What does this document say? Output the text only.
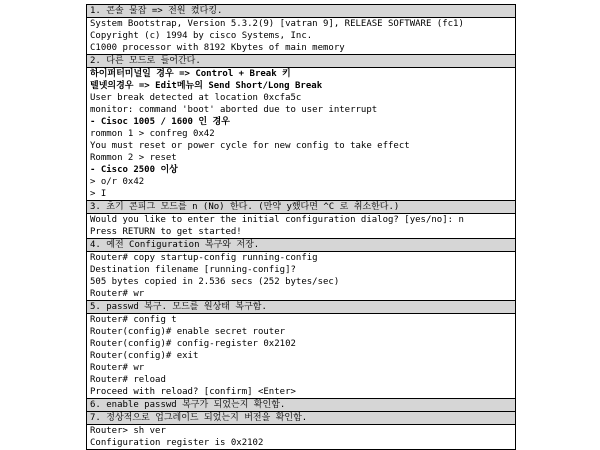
1. 콘솔 물잡 => 전원 켰다킹.
System Bootstrap, Version 5.3.2(9) [vatran 9], RELEASE SOFTWARE (fc1)
Copyright (c) 1994 by cisco Systems, Inc.
C1000 processor with 8192 Kbytes of main memory
2. 다른 모드로 들어간다.
하이퍼터미널일 경우 => Control + Break 키
텔넷의경우 => Edit메뉴의 Send Short/Long Break
User break detected at location 0xcfa5c
monitor: command 'boot' aborted due to user interrupt
- Cisoc 1005 / 1600 인 경우
rommon 1 > confreg 0x42
You must reset or power cycle for new config to take effect
Rommon 2 > reset
- Cisco 2500 이상
> o/r 0x42
> I
3. 초기 콘피그 모드를 n (No) 한다. (만약 y했다면 ^C 로 취소한다.)
Would you like to enter the initial configuration dialog? [yes/no]: n
Press RETURN to get started!
4. 예전 Configuration 복구와 저장.
Router# copy startup-config running-config
Destination filename [running-config]?
505 bytes copied in 2.536 secs (252 bytes/sec)
Router# wr
5. passwd 복구. 모드를 원상태 복구함.
Router# config t
Router(config)# enable secret router
Router(config)# config-register 0x2102
Router(config)# exit
Router# wr
Router# reload
Proceed with reload? [confirm] <Enter>
6. enable passwd 복구가 되었는지 확인함.
7. 정상적으로 업그레이드 되었는지 버전을 확인함.
Router> sh ver
Configuration register is 0x2102
